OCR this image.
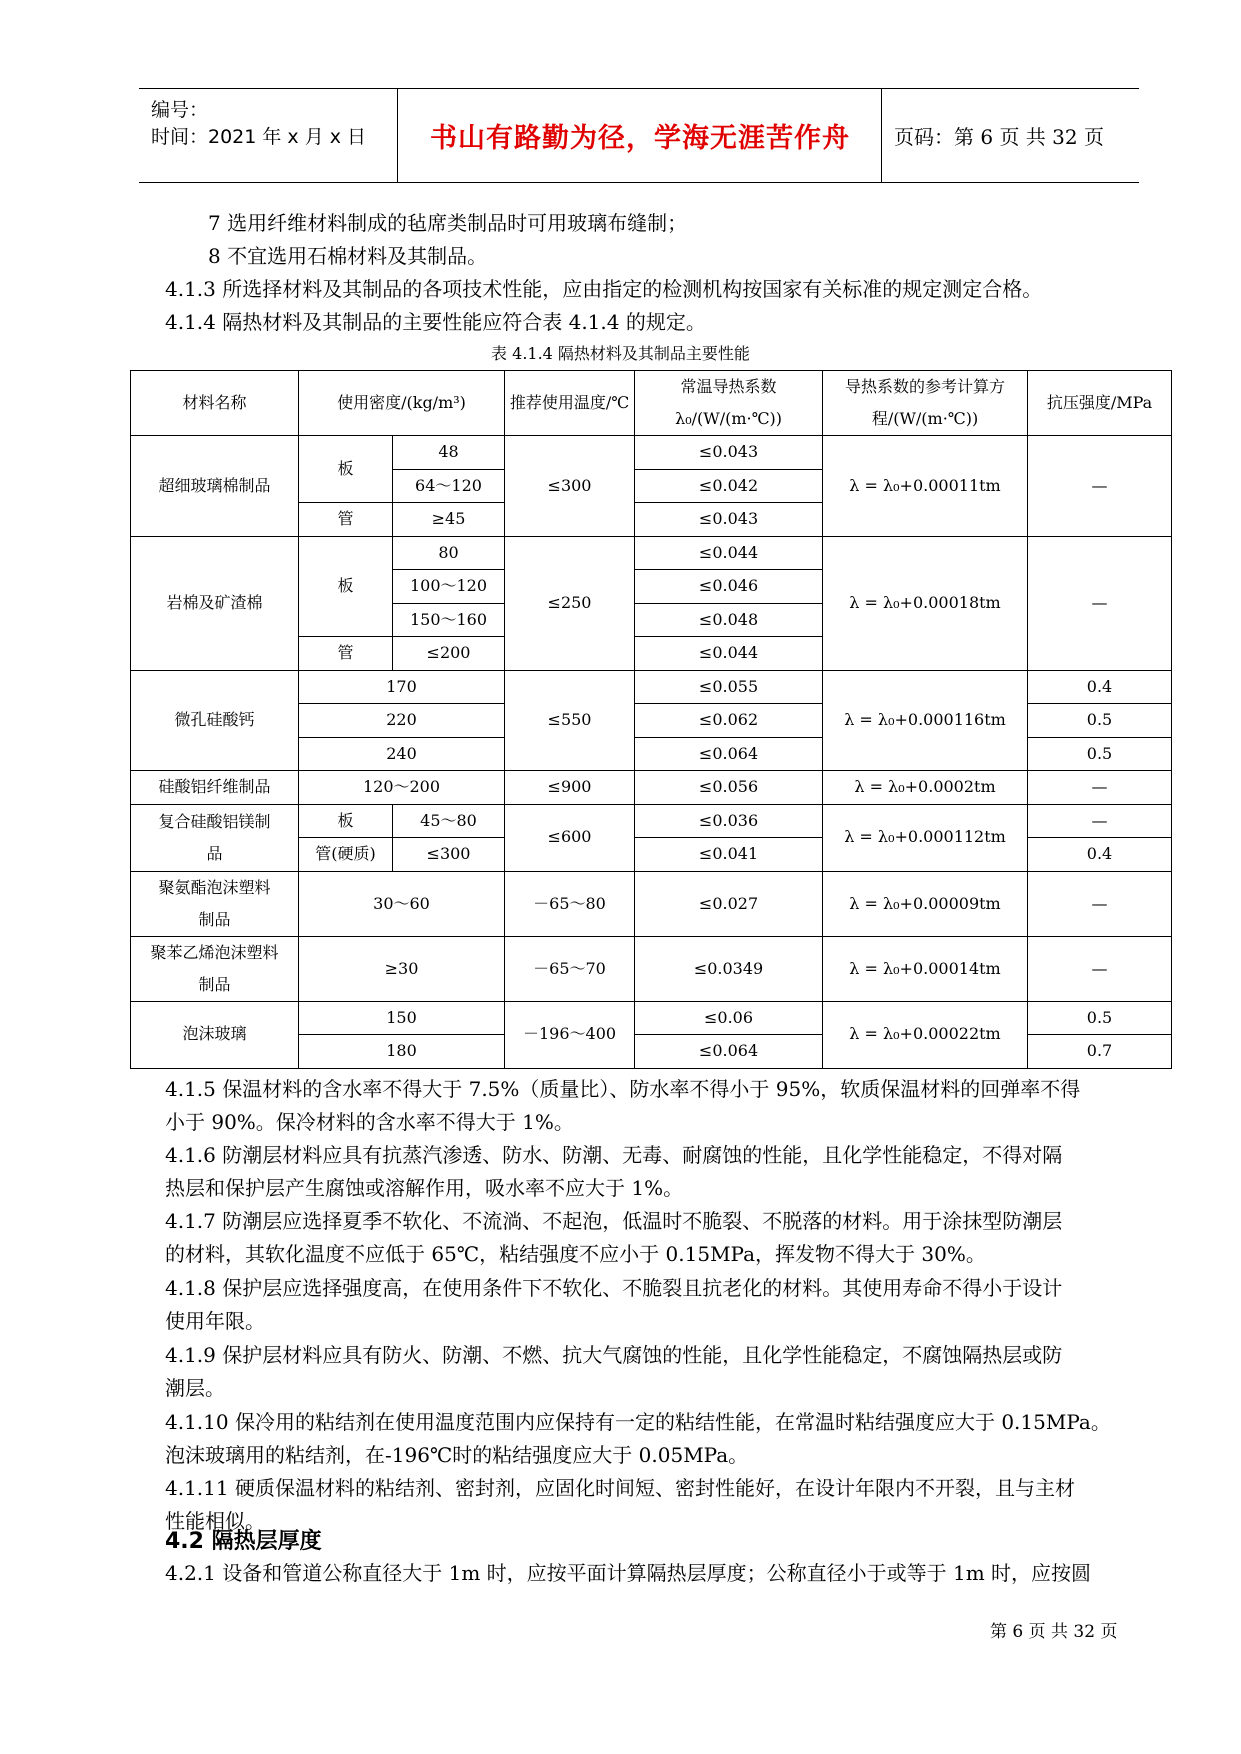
编号：
时间：2021 年 x 月 x 日	书山有路勤为径，学海无涯苦作舟	页码：第 6 页 共 32 页
7 选用纤维材料制成的毡席类制品时可用玻璃布缝制；
8 不宜选用石棉材料及其制品。
4.1.3 所选择材料及其制品的各项技术性能，应由指定的检测机构按国家有关标准的规定测定合格。
4.1.4 隔热材料及其制品的主要性能应符合表 4.1.4 的规定。
表 4.1.4 隔热材料及其制品主要性能
材料名称	使用密度/(kg/m³)		推荐使用温度/℃	常温导热系数 λ₀/(W/(m·℃))	导热系数的参考计算方程/(W/(m·℃))	抗压强度/MPa
超细玻璃棉制品	板	48	≤300	≤0.043	λ = λ₀+0.00011tm	—
		64～120		≤0.042		
	管	≥45		≤0.043		
岩棉及矿渣棉	板	80	≤250	≤0.044	λ = λ₀+0.00018tm	—
		100～120		≤0.046		
		150～160		≤0.048		
	管	≤200		≤0.044		
微孔硅酸钙	170		≤550	≤0.055	λ = λ₀+0.000116tm	0.4
	220			≤0.062		0.5
	240			≤0.064		0.5
硅酸铝纤维制品	120～200		≤900	≤0.056	λ = λ₀+0.0002tm	—
复合硅酸铝镁制品	板	45～80	≤600	≤0.036	λ = λ₀+0.000112tm	—
	管(硬质)	≤300		≤0.041		0.4
聚氨酯泡沫塑料制品	30～60		－65～80	≤0.027	λ = λ₀+0.00009tm	—
聚苯乙烯泡沫塑料制品	≥30		－65～70	≤0.0349	λ = λ₀+0.00014tm	—
泡沫玻璃	150		－196～400	≤0.06	λ = λ₀+0.00022tm	0.5
	180			≤0.064		0.7
4.1.5 保温材料的含水率不得大于 7.5%（质量比）、防水率不得小于 95%，软质保温材料的回弹率不得
小于 90%。保冷材料的含水率不得大于 1%。
4.1.6 防潮层材料应具有抗蒸汽渗透、防水、防潮、无毒、耐腐蚀的性能，且化学性能稳定，不得对隔
热层和保护层产生腐蚀或溶解作用，吸水率不应大于 1%。
4.1.7 防潮层应选择夏季不软化、不流淌、不起泡，低温时不脆裂、不脱落的材料。用于涂抹型防潮层
的材料，其软化温度不应低于 65℃，粘结强度不应小于 0.15MPa，挥发物不得大于 30%。
4.1.8 保护层应选择强度高，在使用条件下不软化、不脆裂且抗老化的材料。其使用寿命不得小于设计
使用年限。
4.1.9 保护层材料应具有防火、防潮、不燃、抗大气腐蚀的性能，且化学性能稳定，不腐蚀隔热层或防
潮层。
4.1.10 保冷用的粘结剂在使用温度范围内应保持有一定的粘结性能，在常温时粘结强度应大于 0.15MPa。
泡沫玻璃用的粘结剂，在-196℃时的粘结强度应大于 0.05MPa。
4.1.11 硬质保温材料的粘结剂、密封剂，应固化时间短、密封性能好，在设计年限内不开裂，且与主材
性能相似。
4.2 隔热层厚度
4.2.1 设备和管道公称直径大于 1m 时，应按平面计算隔热层厚度；公称直径小于或等于 1m 时，应按圆
第 6 页 共 32 页
